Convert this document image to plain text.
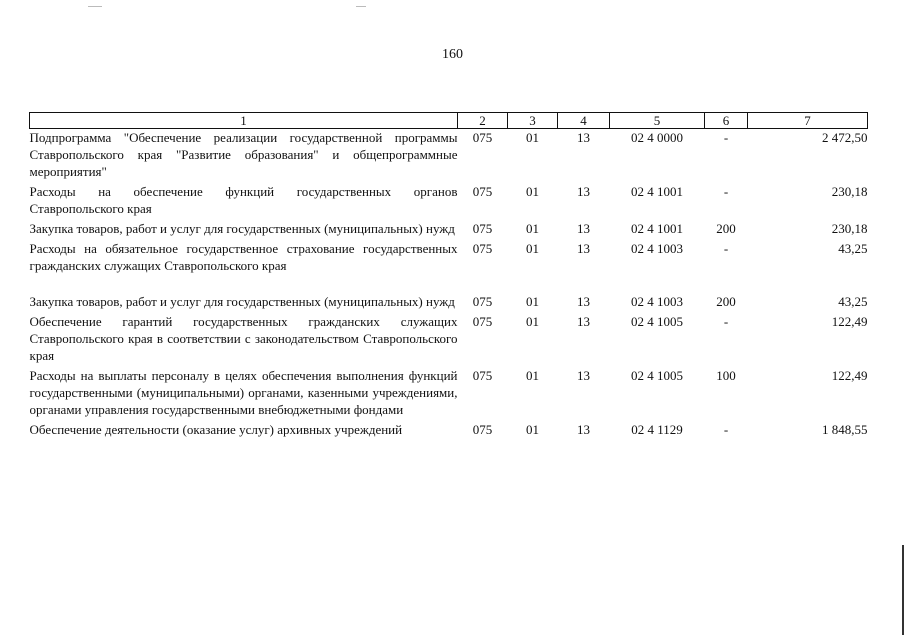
160
1	2	3	4	5	6	7
Подпрограмма "Обеспечение реализации государственной программы Ставропольского края "Развитие образования" и общепрограммные мероприятия"	075	01	13	02 4 0000	-	2 472,50
Расходы на обеспечение функций государственных органов Ставропольского края	075	01	13	02 4 1001	-	230,18
Закупка товаров, работ и услуг для государственных (муниципальных) нужд	075	01	13	02 4 1001	200	230,18
Расходы на обязательное государственное страхование государственных гражданских служащих Ставропольского края	075	01	13	02 4 1003	-	43,25

Закупка товаров, работ и услуг для государственных (муниципальных) нужд	075	01	13	02 4 1003	200	43,25
Обеспечение гарантий государственных гражданских служащих Ставропольского края в соответствии с законодательством Ставропольского края	075	01	13	02 4 1005	-	122,49
Расходы на выплаты персоналу в целях обеспечения выполнения функций государственными (муниципальными) органами, казенными учреждениями, органами управления государственными внебюджетными фондами	075	01	13	02 4 1005	100	122,49
Обеспечение деятельности (оказание услуг) архивных учреждений	075	01	13	02 4 1129	-	1 848,55
